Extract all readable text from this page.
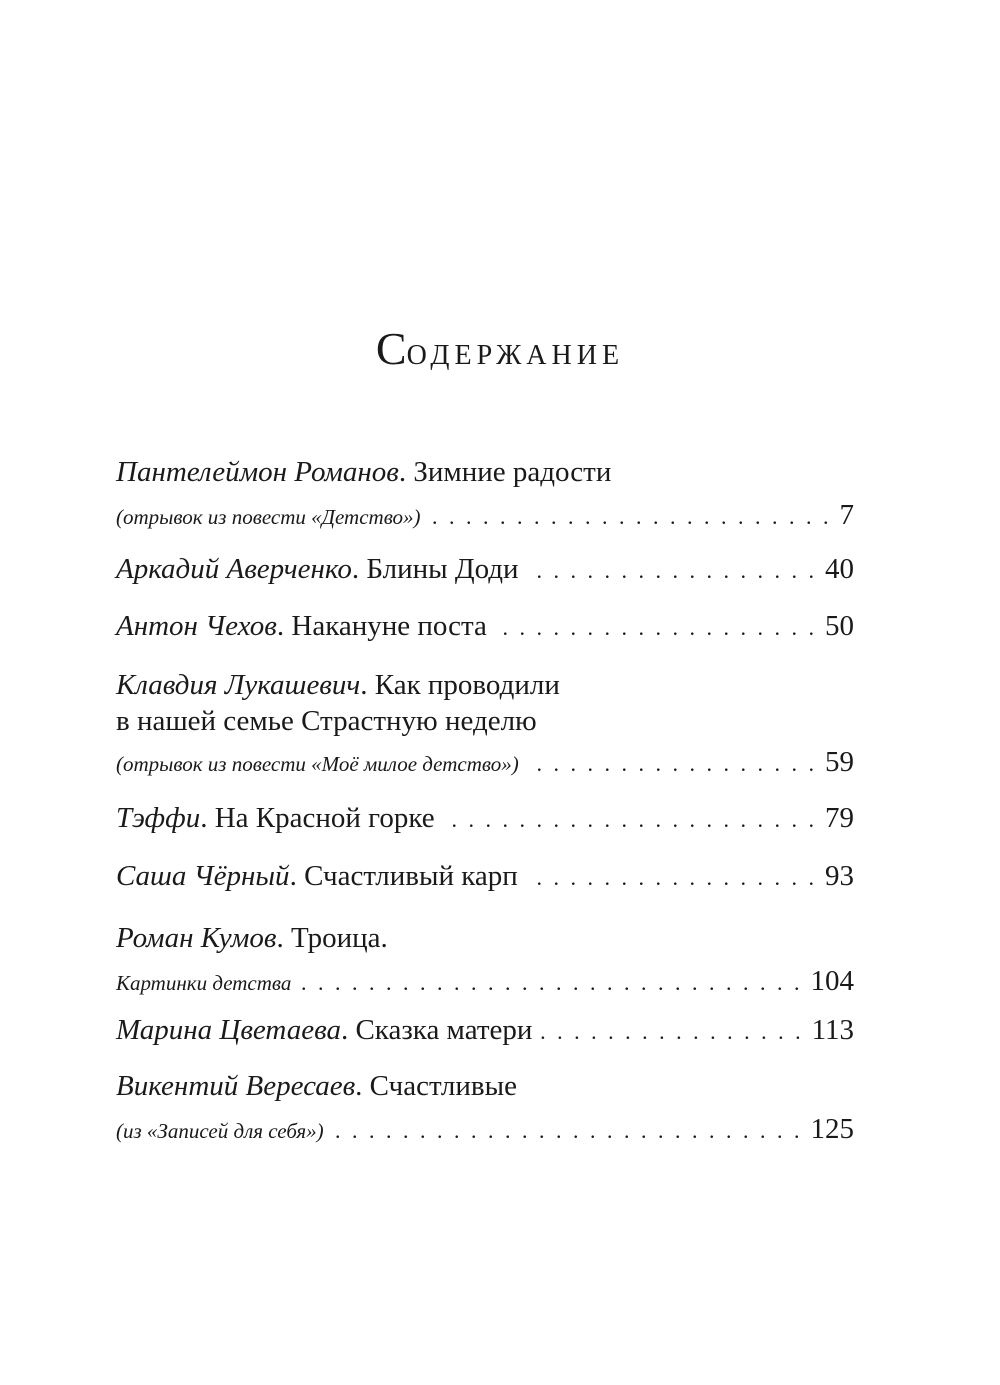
Содержание
Пантелеймон Романов . Зимние радости
(отрывок из повести «Детство») . . .	7
Аркадий Аверченко . Блины Доди . . .	40
Антон Чехов . Накануне поста . . .	50
Клавдия Лукашевич . Как проводили
в нашей семье Страстную неделю
(отрывок из повести «Моё милое детство») . . .	59
Тэффи . На Красной горке . . .	79
Саша Чёрный . Счастливый карп . . .	93
Роман Кумов . Троица.
Картинки детства . . .	104
Марина Цветаева . Сказка матери . . .	113
Викентий Вересаев . Счастливые
(из «Записей для себя») . . .	125
